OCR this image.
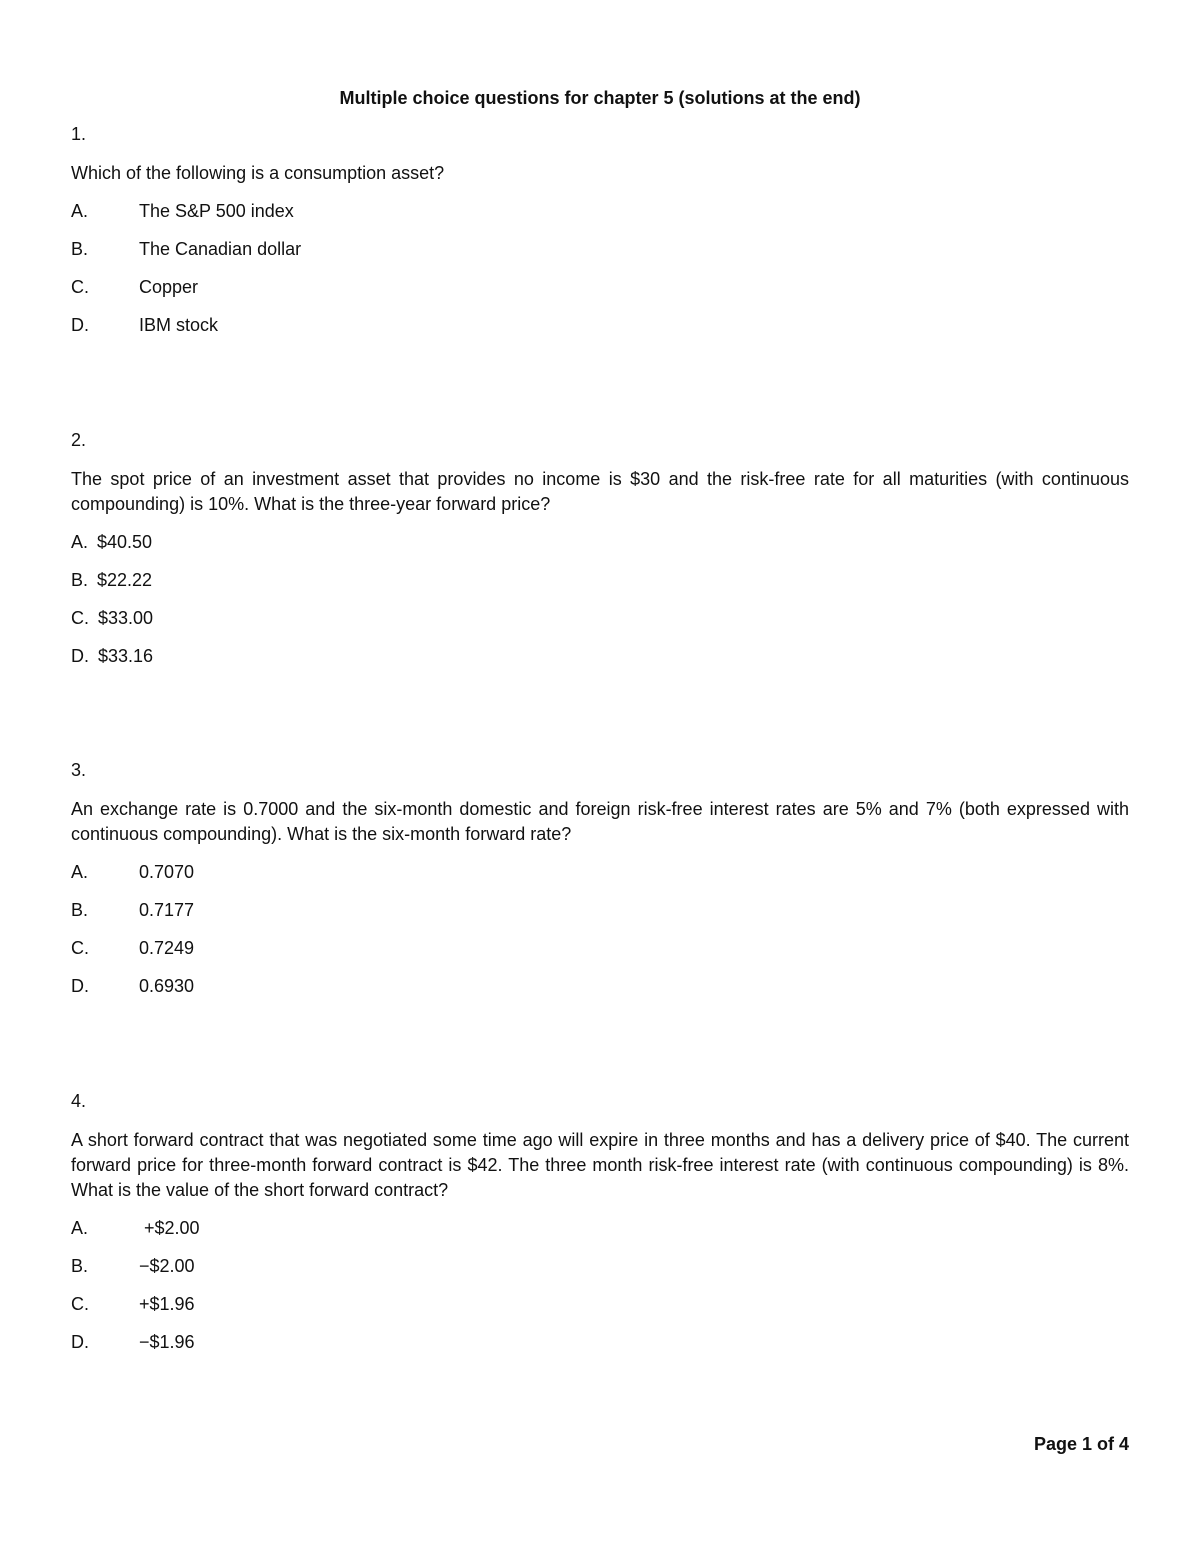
Multiple choice questions for chapter 5 (solutions at the end)
1.
Which of the following is a consumption asset?
A.	The S&P 500 index
B.	The Canadian dollar
C.	Copper
D.	IBM stock
2.
The spot price of an investment asset that provides no income is $30 and the risk-free rate for all maturities (with continuous compounding) is 10%. What is the three-year forward price?
A. $40.50
B. $22.22
C. $33.00
D. $33.16
3.
An exchange rate is 0.7000 and the six-month domestic and foreign risk-free interest rates are 5% and 7% (both expressed with continuous compounding). What is the six-month forward rate?
A.	0.7070
B.	0.7177
C.	0.7249
D.	0.6930
4.
A short forward contract that was negotiated some time ago will expire in three months and has a delivery price of $40. The current forward price for three-month forward contract is $42. The three month risk-free interest rate (with continuous compounding) is 8%. What is the value of the short forward contract?
A.	+$2.00
B.	−$2.00
C.	+$1.96
D.	−$1.96
Page 1 of 4
